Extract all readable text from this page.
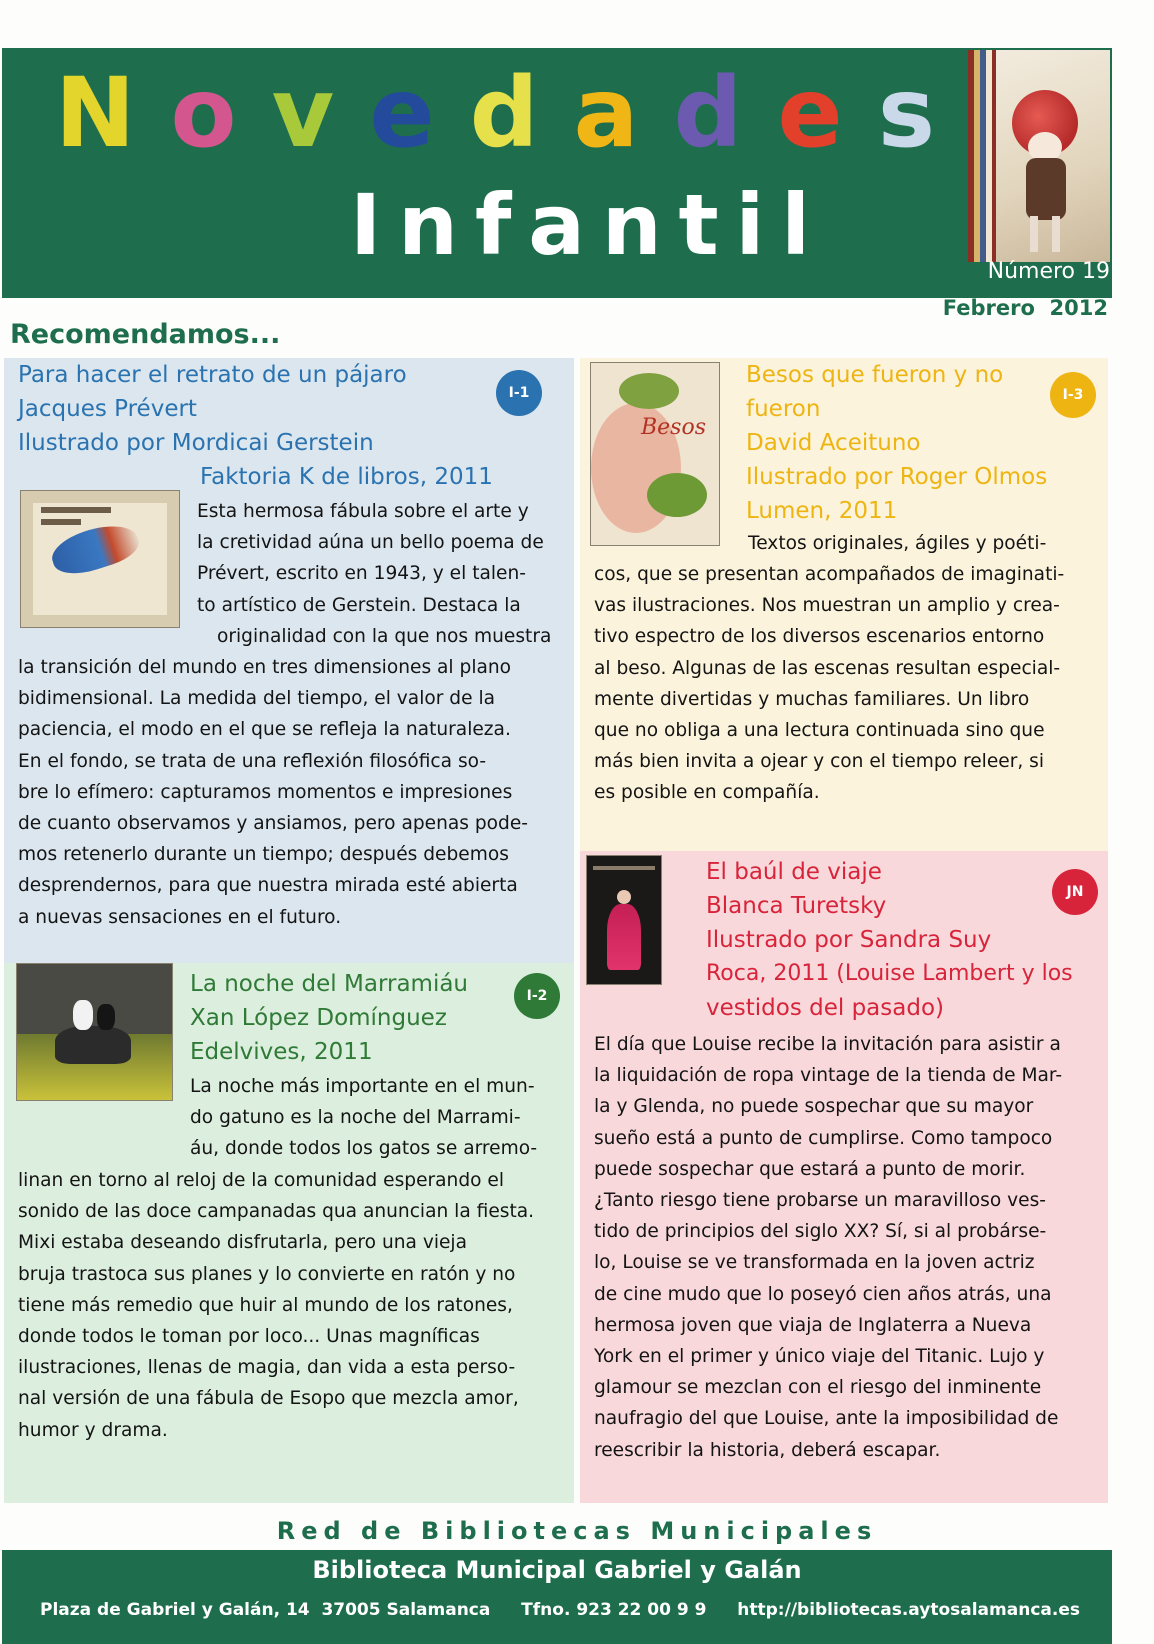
N o v e d a d e s
I n f a n t i l	Número 19
Febrero  2012
Recomendamos...
Para hacer el retrato de un pájaro
Jacques Prévert
Ilustrado por Mordicai Gerstein
Faktoria K de libros, 2011
I-1

Esta hermosa fábula sobre el arte y

la cretividad aúna un bello poema de

Prévert, escrito en 1943, y el talen-

to artístico de Gerstein. Destaca la

originalidad con la que nos muestra

la transición del mundo en tres dimensiones al plano

bidimensional. La medida del tiempo, el valor de la

paciencia, el modo en el que se refleja la naturaleza.

En el fondo, se trata de una reflexión filosófica so-

bre lo efímero: capturamos momentos e impresiones

de cuanto observamos y ansiamos, pero apenas pode-

mos retenerlo durante un tiempo; después debemos

desprendernos, para que nuestra mirada esté abierta

a nuevas sensaciones en el futuro.

La noche del Marramiáu
Xan López Domínguez
Edelvives, 2011
I-2

La noche más importante en el mun-

do gatuno es la noche del Marrami-

áu, donde todos los gatos se arremo-

linan en torno al reloj de la comunidad esperando el

sonido de las doce campanadas qua anuncian la fiesta.

Mixi estaba deseando disfrutarla, pero una vieja

bruja trastoca sus planes y lo convierte en ratón y no

tiene más remedio que huir al mundo de los ratones,

donde todos le toman por loco... Unas magníficas

ilustraciones, llenas de magia, dan vida a esta perso-

nal versión de una fábula de Esopo que mezcla amor,

humor y drama.

Besos
Besos que fueron y no
fueron
David Aceituno
Ilustrado por Roger Olmos
Lumen, 2011
I-3

Textos originales, ágiles y poéti-

cos, que se presentan acompañados de imaginati-

vas ilustraciones. Nos muestran un amplio y crea-

tivo espectro de los diversos escenarios entorno

al beso. Algunas de las escenas resultan especial-

mente divertidas y muchas familiares. Un libro

que no obliga a una lectura continuada sino que

más bien invita a ojear y con el tiempo releer, si

es posible en compañía.

El baúl de viaje
Blanca Turetsky
Ilustrado por Sandra Suy
Roca, 2011 (Louise Lambert y los
vestidos del pasado)
JN

El día que Louise recibe la invitación para asistir a

la liquidación de ropa vintage de la tienda de Mar-

la y Glenda, no puede sospechar que su mayor

sueño está a punto de cumplirse. Como tampoco

puede sospechar que estará a punto de morir.

¿Tanto riesgo tiene probarse un maravilloso ves-

tido de principios del siglo XX? Sí, si al probárse-

lo, Louise se ve transformada en la joven actriz

de cine mudo que lo poseyó cien años atrás, una

hermosa joven que viaja de Inglaterra a Nueva

York en el primer y único viaje del Titanic. Lujo y

glamour se mezclan con el riesgo del inminente

naufragio del que Louise, ante la imposibilidad de

reescribir la historia, deberá escapar.

Red de Bibliotecas Municipales
Biblioteca Municipal Gabriel y Galán
Plaza de Gabriel y Galán, 14  37005 Salamanca Tfno. 923 22 00 9 9 http://bibliotecas.aytosalamanca.es
